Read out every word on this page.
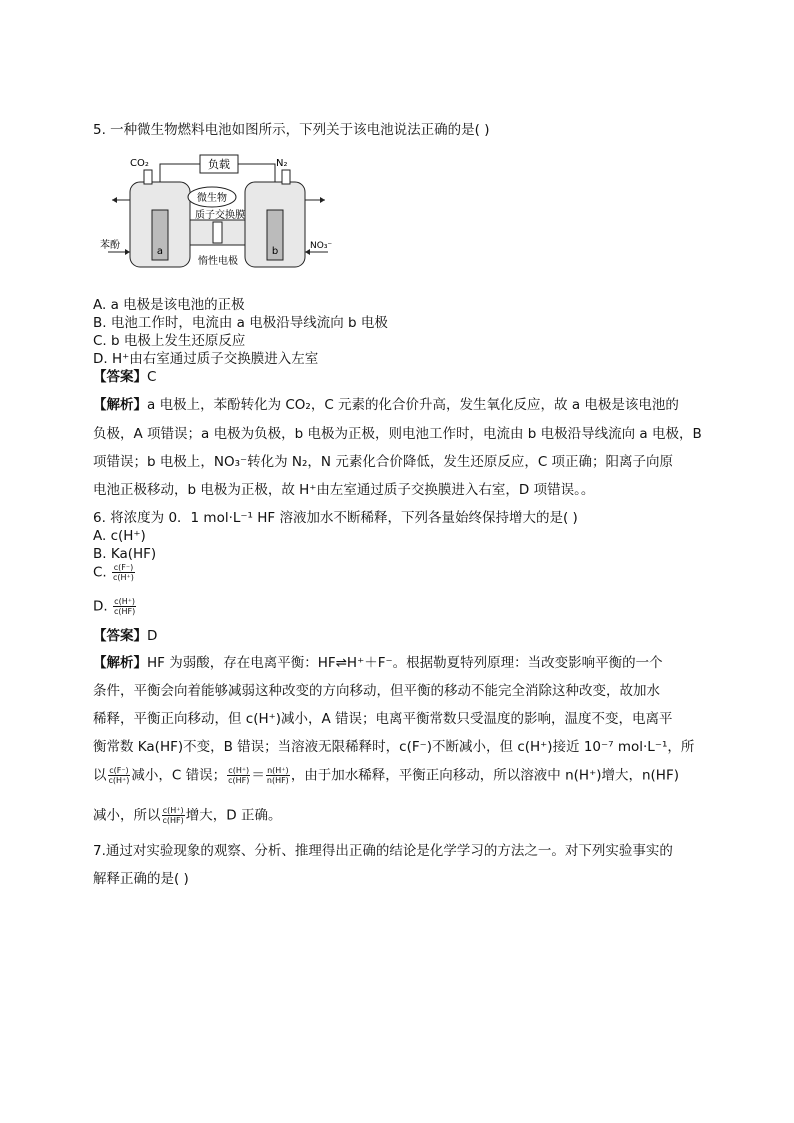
5. 一种微生物燃料电池如图所示，下列关于该电池说法正确的是( )
负载
a	b
CO₂	N₂
微生物
质子交换膜
苯酚	NO₃⁻
惰性电极
A. a 电极是该电池的正极
B. 电池工作时，电流由 a 电极沿导线流向 b 电极
C. b 电极上发生还原反应
D. H⁺由右室通过质子交换膜进入左室
【答案】C
【解析】a 电极上，苯酚转化为 CO₂，C 元素的化合价升高，发生氧化反应，故 a 电极是该电池的
负极，A 项错误；a 电极为负极，b 电极为正极，则电池工作时，电流由 b 电极沿导线流向 a 电极，B
项错误；b 电极上，NO₃⁻转化为 N₂，N 元素化合价降低，发生还原反应，C 项正确；阳离子向原
电池正极移动，b 电极为正极，故 H⁺由左室通过质子交换膜进入右室，D 项错误。。
6. 将浓度为 0．1 mol·L⁻¹ HF 溶液加水不断稀释，下列各量始终保持增大的是( )
A. c(H⁺)
B. Ka(HF)
C. $\frac{c(F^-)}{c(H^+)}$
D. $\frac{c(H^+)}{c(HF)}$
【答案】D
【解析】HF 为弱酸，存在电离平衡：HF⇌H⁺＋F⁻。根据勒夏特列原理：当改变影响平衡的一个
条件，平衡会向着能够减弱这种改变的方向移动，但平衡的移动不能完全消除这种改变，故加水
稀释，平衡正向移动，但 c(H⁺)减小，A 错误；电离平衡常数只受温度的影响，温度不变，电离平
衡常数 Ka(HF)不变，B 错误；当溶液无限稀释时，c(F⁻)不断减小，但 c(H⁺)接近 10⁻⁷ mol·L⁻¹，所
以 $\frac{c(F^-)}{c(H^+)}$ 减小，C 错误； $\frac{c(H^+)}{c(HF)} = \frac{n(H^+)}{n(HF)}$ ，由于加水稀释，平衡正向移动，所以溶液中 n(H⁺)增大，n(HF)
减小，所以 $\frac{c(H^+)}{c(HF)}$ 增大，D 正确。
7.通过对实验现象的观察、分析、推理得出正确的结论是化学学习的方法之一。对下列实验事实的
解释正确的是( )
